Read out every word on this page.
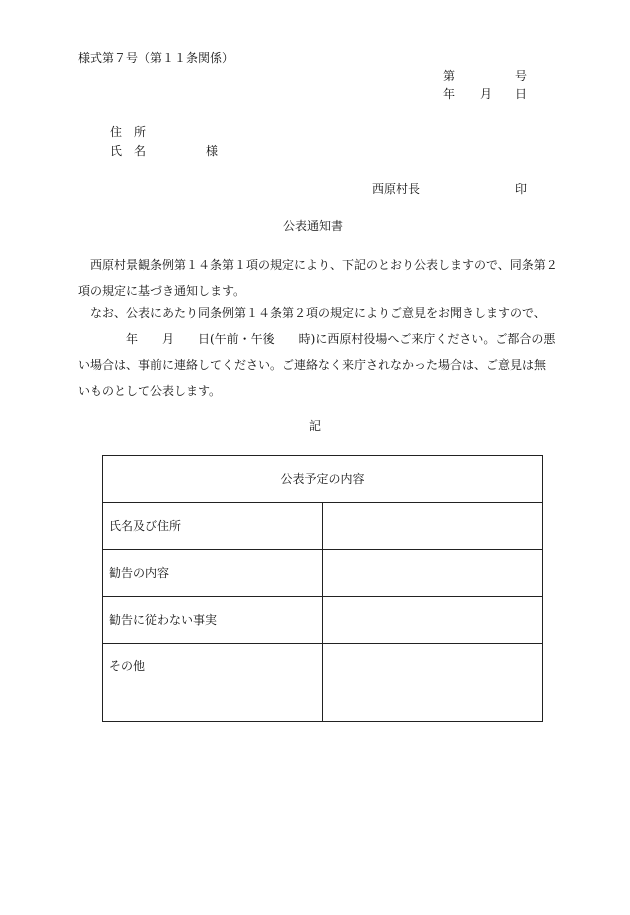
様式第７号（第１１条関係）
第	号
年 月 日
住　所
氏　名	様
西原村長	印
公表通知書
　西原村景観条例第１４条第１項の規定により、下記のとおり公表しますので、同条第２
項の規定に基づき通知します。
　なお、公表にあたり同条例第１４条第２項の規定によりご意見をお聞きしますので、
　　　　年　　月　　日(午前・午後　　時)に西原村役場へご来庁ください。ご都合の悪
い場合は、事前に連絡してください。ご連絡なく来庁されなかった場合は、ご意見は無
いものとして公表します。
記
公表予定の内容	
氏名及び住所	
勧告の内容	
勧告に従わない事実	
その他	
